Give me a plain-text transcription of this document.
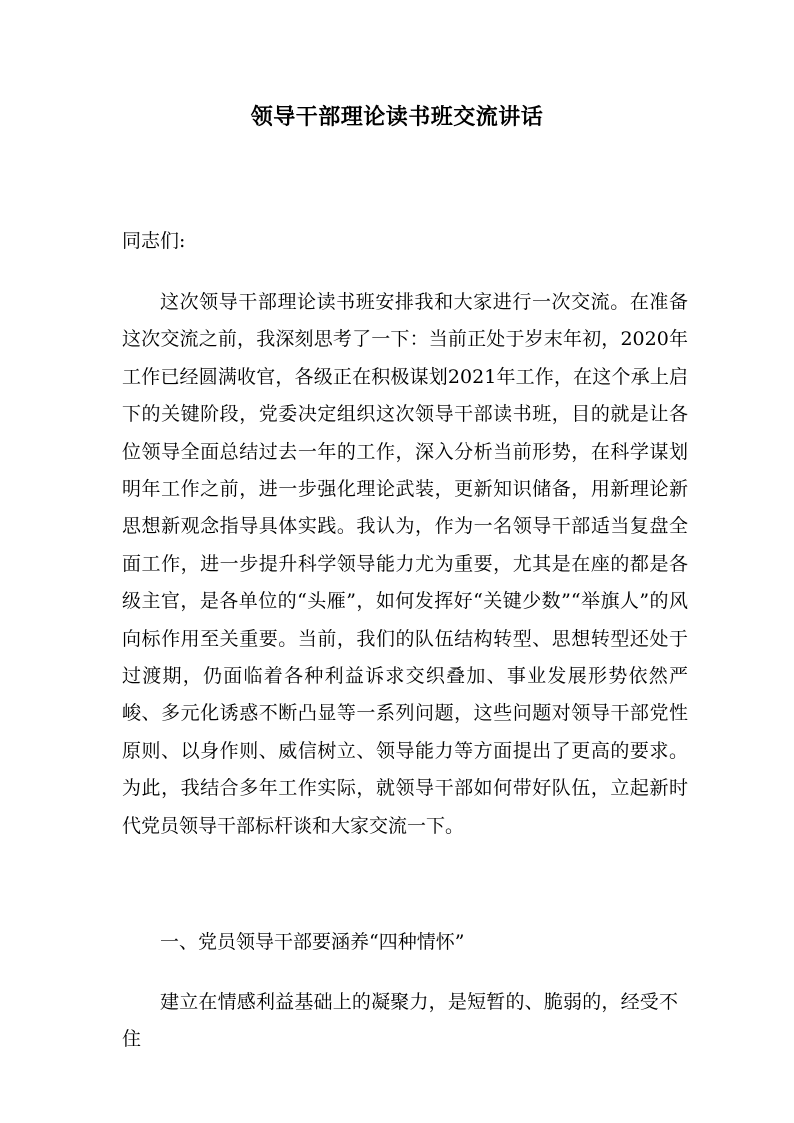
领导干部理论读书班交流讲话
同志们:
这次领导干部理论读书班安排我和大家进行一次交流。在准备这次交流之前，我深刻思考了一下：当前正处于岁末年初，2020年工作已经圆满收官，各级正在积极谋划2021年工作，在这个承上启下的关键阶段，党委决定组织这次领导干部读书班，目的就是让各位领导全面总结过去一年的工作，深入分析当前形势，在科学谋划明年工作之前，进一步强化理论武装，更新知识储备，用新理论新思想新观念指导具体实践。我认为，作为一名领导干部适当复盘全面工作，进一步提升科学领导能力尤为重要，尤其是在座的都是各级主官，是各单位的“头雁”，如何发挥好“关键少数”“举旗人”的风向标作用至关重要。当前，我们的队伍结构转型、思想转型还处于过渡期，仍面临着各种利益诉求交织叠加、事业发展形势依然严峻、多元化诱惑不断凸显等一系列问题，这些问题对领导干部党性原则、以身作则、威信树立、领导能力等方面提出了更高的要求。为此，我结合多年工作实际，就领导干部如何带好队伍，立起新时代党员领导干部标杆谈和大家交流一下。
一、党员领导干部要涵养“四种情怀”
建立在情感利益基础上的凝聚力，是短暂的、脆弱的，经受不住
